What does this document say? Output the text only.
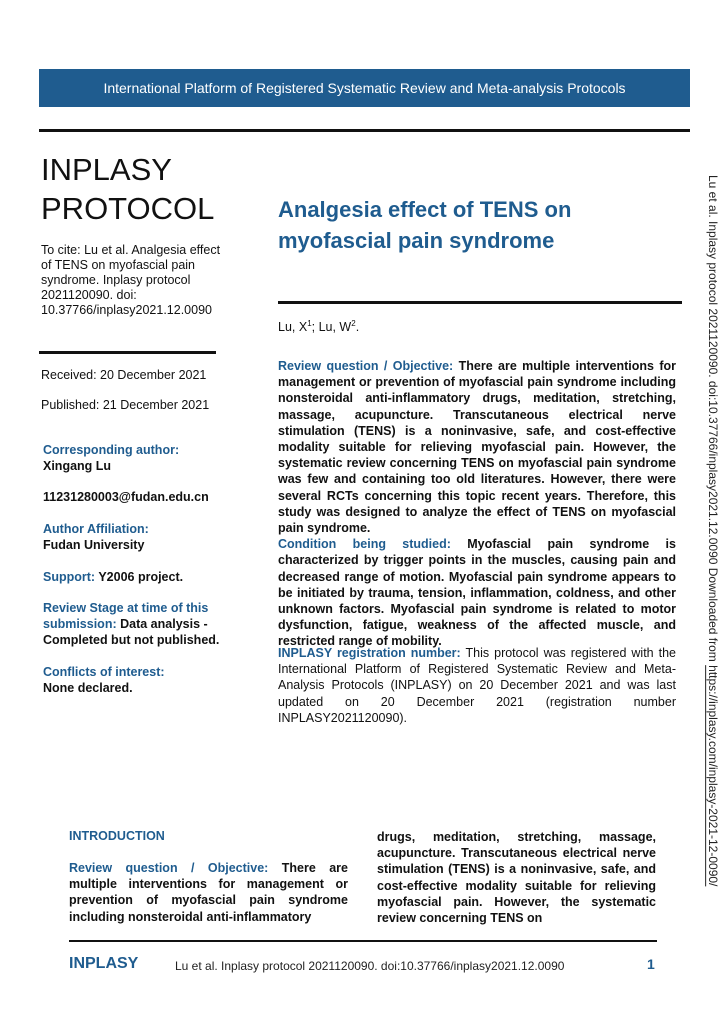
International Platform of Registered Systematic Review and Meta-analysis Protocols
INPLASY
PROTOCOL
To cite: Lu et al. Analgesia effect of TENS on myofascial pain syndrome. Inplasy protocol 2021120090. doi: 10.37766/inplasy2021.12.0090
Received: 20 December 2021
Published: 21 December 2021
Corresponding author:
Xingang Lu
11231280003@fudan.edu.cn
Author Affiliation:
Fudan University
Support: Y2006 project.
Review Stage at time of this submission: Data analysis - Completed but not published.
Conflicts of interest:
None declared.
Analgesia effect of TENS on myofascial pain syndrome
Lu, $X^1$; Lu, $W^2$.

Review question / Objective: There are multiple interventions for management or prevention of myofascial pain syndrome including nonsteroidal anti-inflammatory drugs, meditation, stretching, massage, acupuncture. Transcutaneous electrical nerve stimulation (TENS) is a noninvasive, safe, and cost-effective modality suitable for relieving myofascial pain. However, the systematic review concerning TENS on myofascial pain syndrome was few and containing too old literatures. However, there were several RCTs concerning this topic recent years. Therefore, this study was designed to analyze the effect of TENS on myofascial pain syndrome.

Condition being studied: Myofascial pain syndrome is characterized by trigger points in the muscles, causing pain and decreased range of motion. Myofascial pain syndrome appears to be initiated by trauma, tension, inflammation, coldness, and other unknown factors. Myofascial pain syndrome is related to motor dysfunction, fatigue, weakness of the affected muscle, and restricted range of mobility.

INPLASY registration number: This protocol was registered with the International Platform of Registered Systematic Review and Meta-Analysis Protocols (INPLASY) on 20 December 2021 and was last updated on 20 December 2021 (registration number INPLASY2021120090).
INTRODUCTION
Review question / Objective: There are multiple interventions for management or prevention of myofascial pain syndrome including nonsteroidal anti-inflammatory
drugs, meditation, stretching, massage, acupuncture. Transcutaneous electrical nerve stimulation (TENS) is a noninvasive, safe, and cost-effective modality suitable for relieving myofascial pain. However, the systematic review concerning TENS on
INPLASY	Lu et al. Inplasy protocol 2021120090. doi:10.37766/inplasy2021.12.0090	1
Lu et al. Inplasy protocol 2021120090. doi:10.37766/inplasy2021.12.0090 Downloaded from https://inplasy.com/inplasy-2021-12-0090/
